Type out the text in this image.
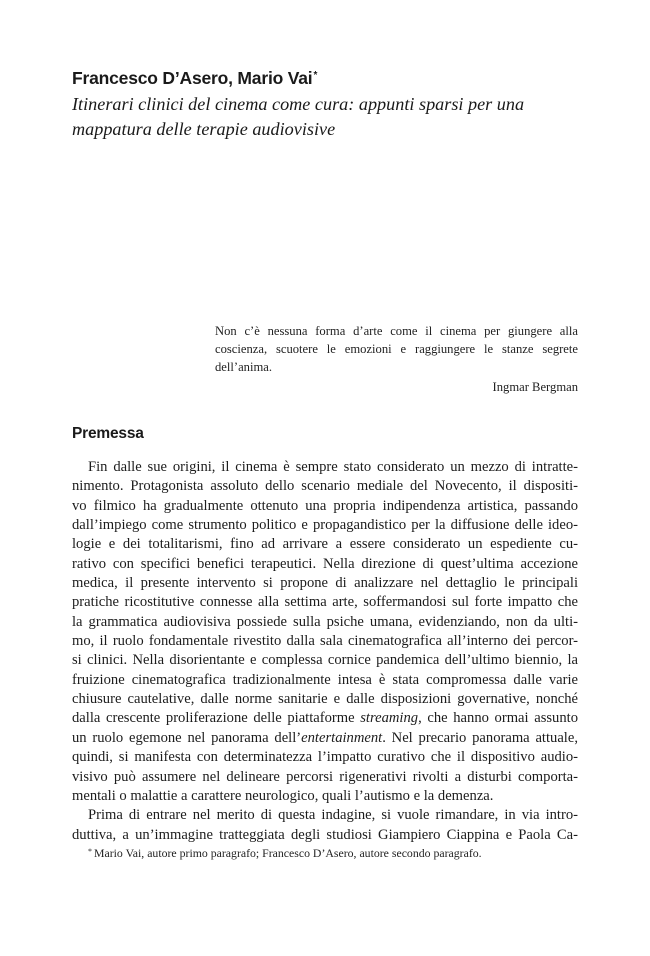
Francesco D’Asero, Mario Vai*
Itinerari clinici del cinema come cura: appunti sparsi per una
mappatura delle terapie audiovisive
Non c’è nessuna forma d’arte come il cinema per giungere alla
coscienza, scuotere le emozioni e raggiungere le stanze segrete
dell’anima.
Ingmar Bergman
Premessa
Fin dalle sue origini, il cinema è sempre stato considerato un mezzo di intratte-
nimento. Protagonista assoluto dello scenario mediale del Novecento, il dispositi-
vo filmico ha gradualmente ottenuto una propria indipendenza artistica, passando
dall’impiego come strumento politico e propagandistico per la diffusione delle ideo-
logie e dei totalitarismi, fino ad arrivare a essere considerato un espediente cu-
rativo con specifici benefici terapeutici. Nella direzione di quest’ultima accezione
medica, il presente intervento si propone di analizzare nel dettaglio le principali
pratiche ricostitutive connesse alla settima arte, soffermandosi sul forte impatto che
la grammatica audiovisiva possiede sulla psiche umana, evidenziando, non da ulti-
mo, il ruolo fondamentale rivestito dalla sala cinematografica all’interno dei percor-
si clinici. Nella disorientante e complessa cornice pandemica dell’ultimo biennio, la
fruizione cinematografica tradizionalmente intesa è stata compromessa dalle varie
chiusure cautelative, dalle norme sanitarie e dalle disposizioni governative, nonché
dalla crescente proliferazione delle piattaforme streaming, che hanno ormai assunto
un ruolo egemone nel panorama dell’entertainment. Nel precario panorama attuale,
quindi, si manifesta con determinatezza l’impatto curativo che il dispositivo audio-
visivo può assumere nel delineare percorsi rigenerativi rivolti a disturbi comporta-
mentali o malattie a carattere neurologico, quali l’autismo e la demenza.
Prima di entrare nel merito di questa indagine, si vuole rimandare, in via intro-
duttiva, a un’immagine tratteggiata degli studiosi Giampiero Ciappina e Paola Ca-
* Mario Vai, autore primo paragrafo; Francesco D’Asero, autore secondo paragrafo.
